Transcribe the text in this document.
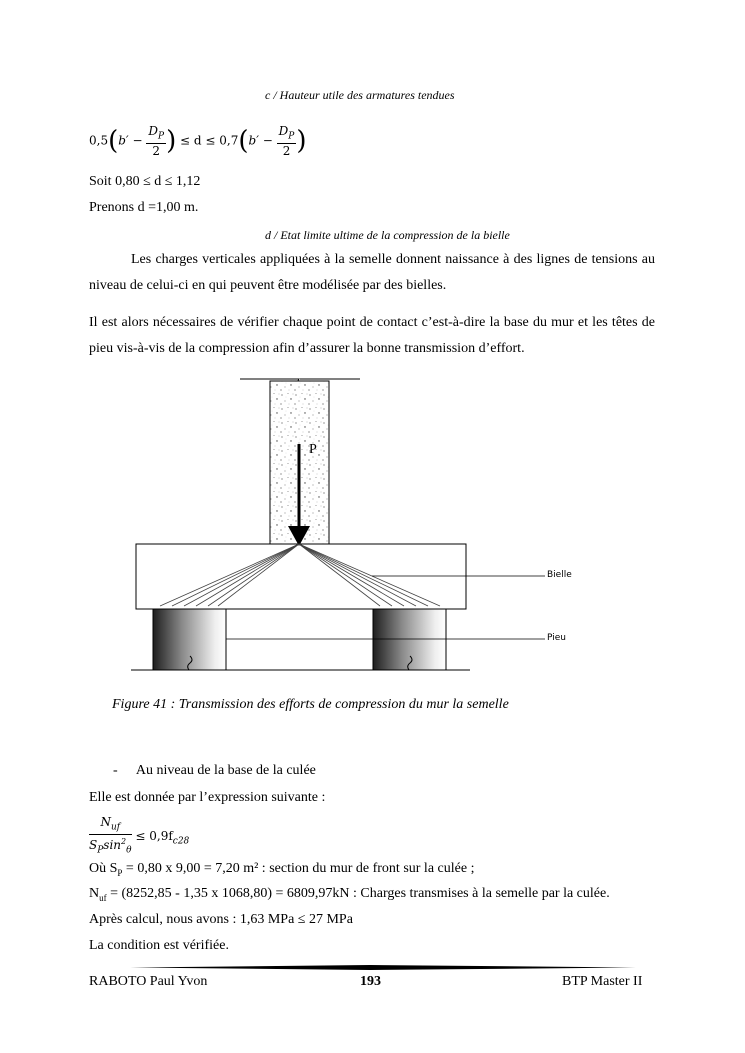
c / Hauteur utile des armatures tendues
$0,5(b' - \frac{D_P}{2}$ ) ≤ $d \le 0,7(b' - \frac{D_P}{2}$ )
Soit 0,80 ≤ d ≤ 1,12
Prenons d =1,00 m.
d / Etat limite ultime de la compression de la bielle
Les charges verticales appliquées à la semelle donnent naissance à des lignes de tensions au niveau de celui-ci en qui peuvent être modélisée par des bielles.
Il est alors nécessaires de vérifier chaque point de contact c’est-à-dire la base du mur et les têtes de pieu vis-à-vis de la compression afin d’assurer la bonne transmission d’effort.
P
Bielle
Pieu
Figure 41 : Transmission des efforts de compression du mur la semelle
- Au niveau de la base de la culée
Elle est donnée par l’expression suivante :
$\frac{N_{uf}}{S_P\sin^2_\theta} \le 0,9f_{c28}$
Où $S_P = 0,80$ x 9,00 = 7,20 m² : section du mur de front sur la culée ;
$N_{uf} = (8252,85 - 1,35$ x 1068,80) = 6809,97kN : Charges transmises à la semelle par la culée.
Après calcul, nous avons : 1,63 MPa ≤ 27 MPa
La condition est vérifiée.
RABOTO Paul Yvon	193	BTP Master II
